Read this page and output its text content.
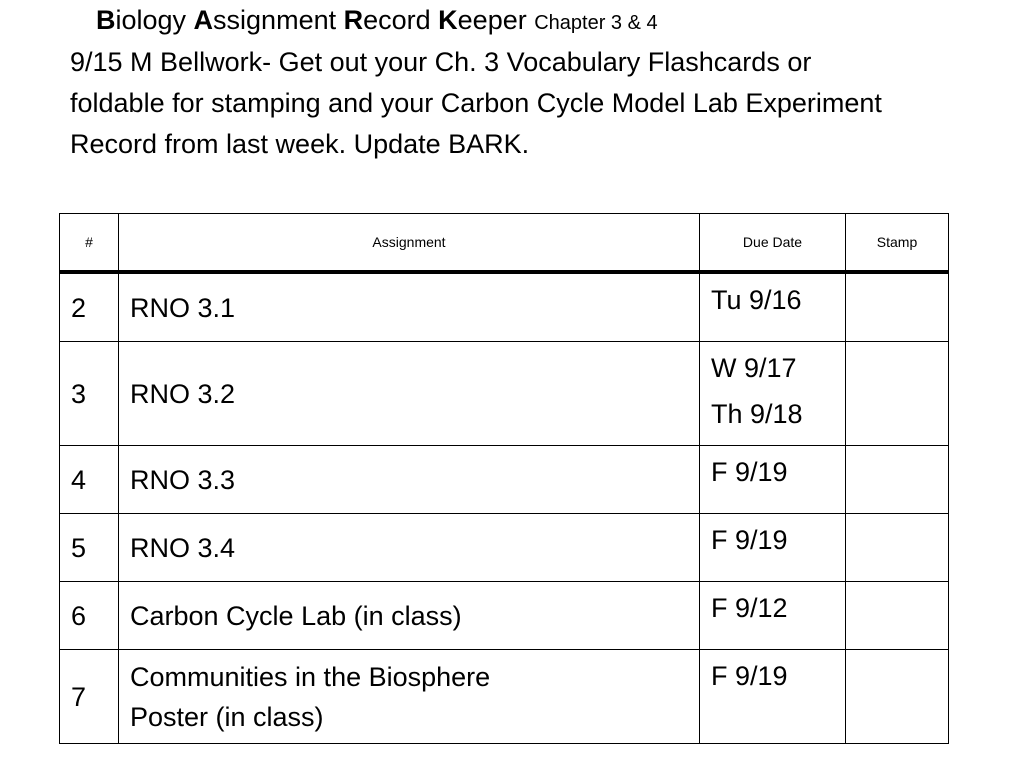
Biology Assignment Record Keeper Chapter 3 & 4
9/15 M Bellwork- Get out your Ch. 3 Vocabulary Flashcards or foldable for stamping and your Carbon Cycle Model Lab Experiment Record from last week. Update BARK.
#	Assignment	Due Date	Stamp
2	RNO 3.1	Tu 9/16	

3	RNO 3.2	W 9/17
Th 9/18	

4	RNO 3.3	F 9/19	

5	RNO 3.4	F 9/19	

6	Carbon Cycle Lab (in class)	F 9/12	

7	Communities in the Biosphere
Poster (in class)	F 9/19	
